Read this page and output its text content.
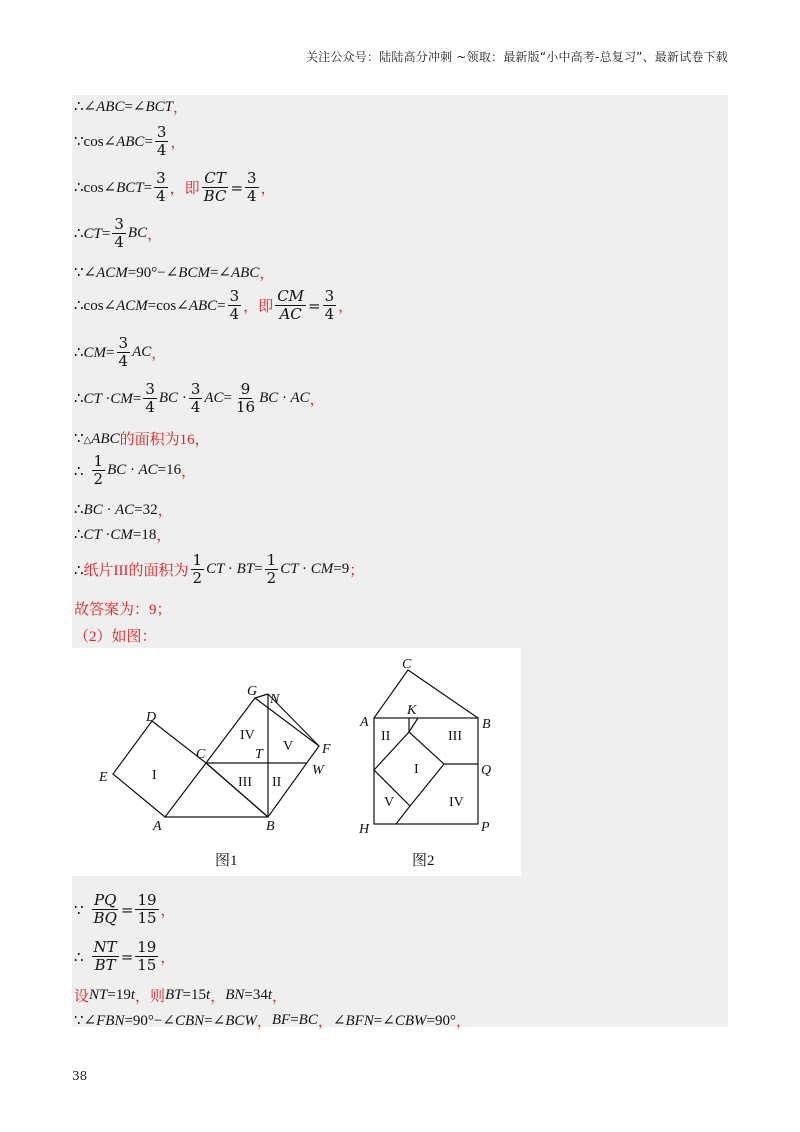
关注公众号：陆陆高分冲刺 ~领取：最新版“小中高考-总复习”、最新试卷下载
∴∠ABC=∠BCT ，
∵cos∠ABC= $\frac{3}{4}$ ，
∴cos∠BCT= $\frac{3}{4}$ ，即 $\frac{CT}{BC} = \frac{3}{4}$ ，
∴CT= $\frac{3}{4}$ BC ，
∵∠ACM=90°−∠BCM=∠ABC ，
∴cos∠ACM=cos∠ABC= $\frac{3}{4}$ ，即 $\frac{CM}{AC} = \frac{3}{4}$ ，
∴CM= $\frac{3}{4}$ AC ，
∴CT $\cdot CM= \frac{3}{4}$ BC · $\frac{3}{4} AC= \frac{9}{16}$ BC · AC ，
∵△ABC 的面积为16，
∴ $\frac{1}{2}$ BC · AC=16 ，
∴BC · AC=32 ，
∴CT ·CM=18 ，
∴ 纸片III的面积为 $\frac{1}{2}$ CT · $BT= \frac{1}{2}$ CT · CM=9 ；
故答案为：9；
（2）如图：
D
E
A	B
C
G
N
F
W
T
I	II
III
IV
V
图1
C
A	B
K
Q
H	P
I
II	III
IV
V
图2
∵ $\frac{PQ}{BQ} = \frac{19}{15}$ ，
∴ $\frac{NT}{BT} = \frac{19}{15}$ ，
设 NT=19t ，则 BT=15t ， BN=34t ，
∵∠FBN=90°−∠CBN=∠BCW ， BF=BC ， ∠BFN=∠CBW=90° ，
38
